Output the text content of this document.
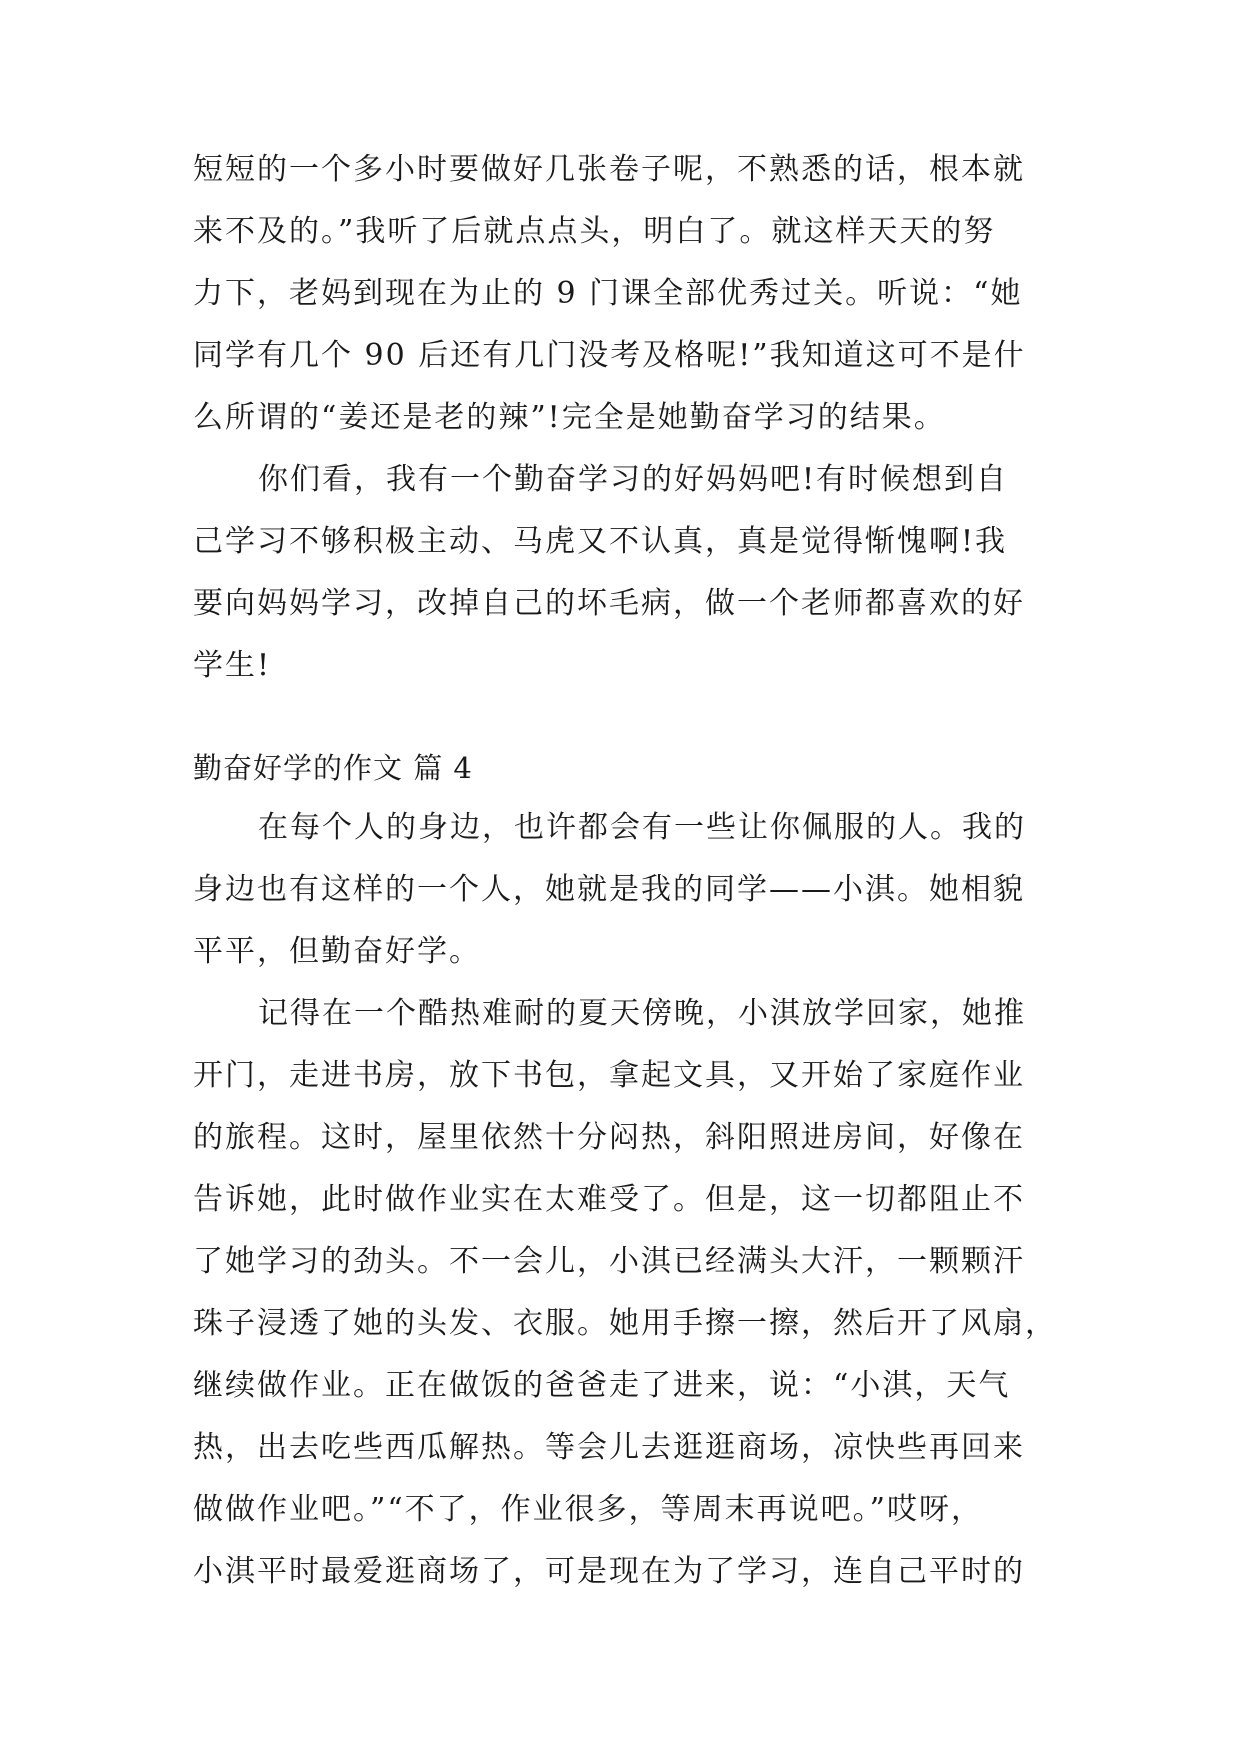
短短的一个多小时要做好几张卷子呢，不熟悉的话，根本就
来不及的。”我听了后就点点头，明白了。就这样天天的努
力下，老妈到现在为止的 9 门课全部优秀过关。听说：“她
同学有几个 90 后还有几门没考及格呢!”我知道这可不是什
么所谓的“姜还是老的辣”!完全是她勤奋学习的结果。
你们看，我有一个勤奋学习的好妈妈吧!有时候想到自
己学习不够积极主动、马虎又不认真，真是觉得惭愧啊!我
要向妈妈学习，改掉自己的坏毛病，做一个老师都喜欢的好
学生!
勤奋好学的作文 篇 4
在每个人的身边，也许都会有一些让你佩服的人。我的
身边也有这样的一个人，她就是我的同学——小淇。她相貌
平平，但勤奋好学。
记得在一个酷热难耐的夏天傍晚，小淇放学回家，她推
开门，走进书房，放下书包，拿起文具，又开始了家庭作业
的旅程。这时，屋里依然十分闷热，斜阳照进房间，好像在
告诉她，此时做作业实在太难受了。但是，这一切都阻止不
了她学习的劲头。不一会儿，小淇已经满头大汗，一颗颗汗
珠子浸透了她的头发、衣服。她用手擦一擦，然后开了风扇，
继续做作业。正在做饭的爸爸走了进来，说：“小淇，天气
热，出去吃些西瓜解热。等会儿去逛逛商场，凉快些再回来
做做作业吧。”“不了，作业很多，等周末再说吧。”哎呀，
小淇平时最爱逛商场了，可是现在为了学习，连自己平时的
